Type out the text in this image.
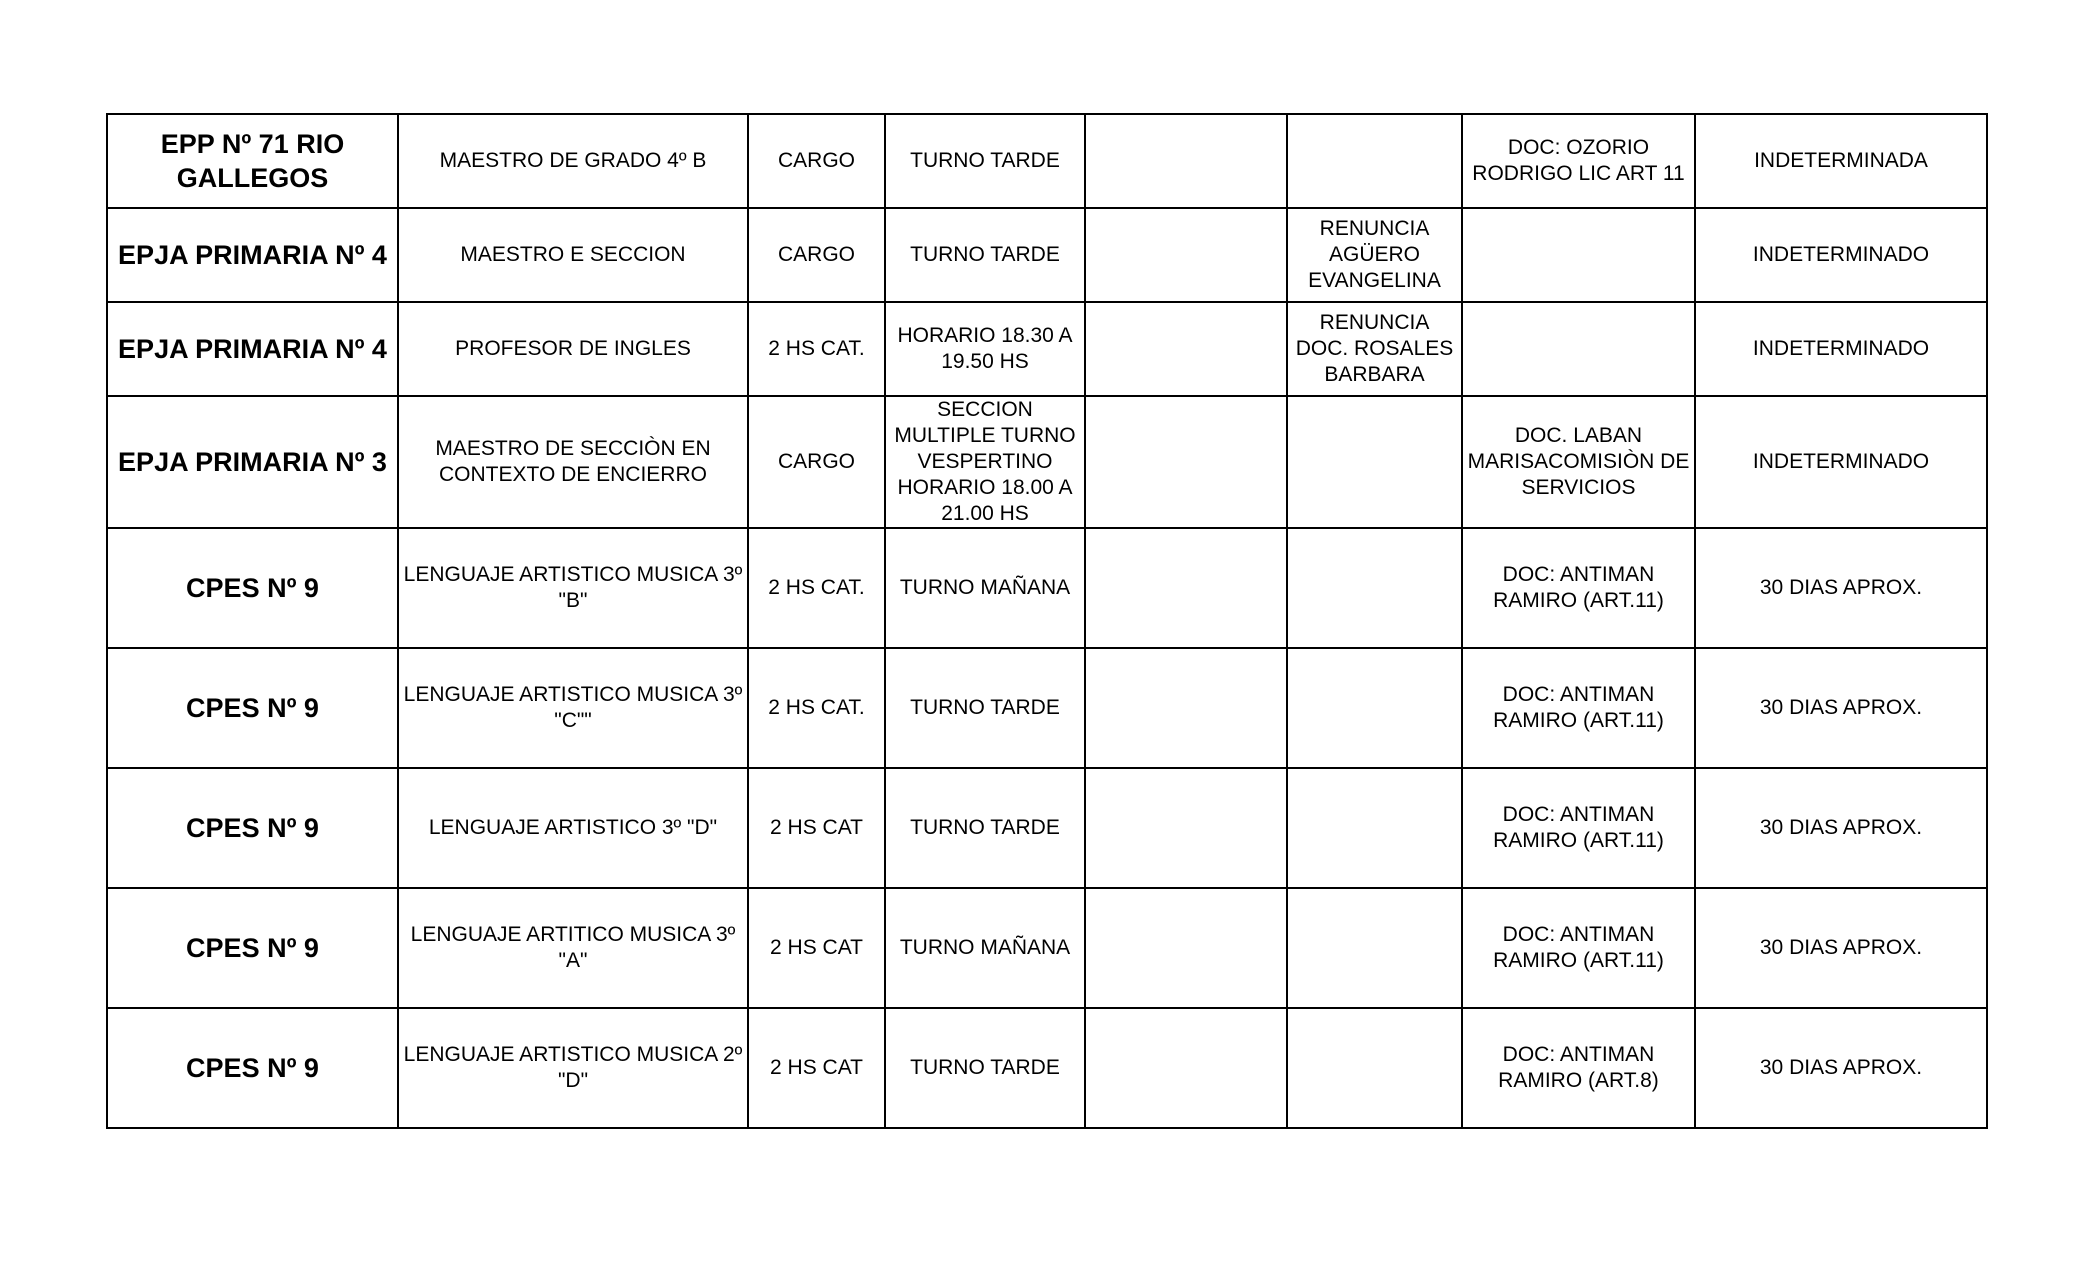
EPP Nº 71 RIO GALLEGOS	MAESTRO DE GRADO 4º B	CARGO	TURNO TARDE			DOC: OZORIO RODRIGO LIC ART 11	INDETERMINADA
EPJA PRIMARIA Nº 4	MAESTRO E SECCION	CARGO	TURNO TARDE		RENUNCIA AGÜERO EVANGELINA		INDETERMINADO
EPJA PRIMARIA Nº 4	PROFESOR DE INGLES	2 HS CAT.	HORARIO 18.30 A 19.50 HS		RENUNCIA DOC. ROSALES BARBARA		INDETERMINADO
EPJA PRIMARIA Nº 3	MAESTRO DE SECCIÒN EN CONTEXTO DE ENCIERRO	CARGO	SECCION MULTIPLE TURNO VESPERTINO HORARIO 18.00 A 21.00 HS			DOC. LABAN MARISACOMISIÒN DE SERVICIOS	INDETERMINADO
CPES Nº 9	LENGUAJE ARTISTICO MUSICA 3º "B"	2 HS CAT.	TURNO MAÑANA			DOC: ANTIMAN RAMIRO (ART.11)	30 DIAS APROX.
CPES Nº 9	LENGUAJE ARTISTICO MUSICA 3º "C""	2 HS CAT.	TURNO TARDE			DOC: ANTIMAN RAMIRO (ART.11)	30 DIAS APROX.
CPES Nº 9	LENGUAJE ARTISTICO 3º "D"	2 HS CAT	TURNO TARDE			DOC: ANTIMAN RAMIRO (ART.11)	30 DIAS APROX.
CPES Nº 9	LENGUAJE ARTITICO MUSICA 3º "A"	2 HS CAT	TURNO MAÑANA			DOC: ANTIMAN RAMIRO (ART.11)	30 DIAS APROX.
CPES Nº 9	LENGUAJE ARTISTICO MUSICA 2º "D"	2 HS CAT	TURNO TARDE			DOC: ANTIMAN RAMIRO (ART.8)	30 DIAS APROX.
